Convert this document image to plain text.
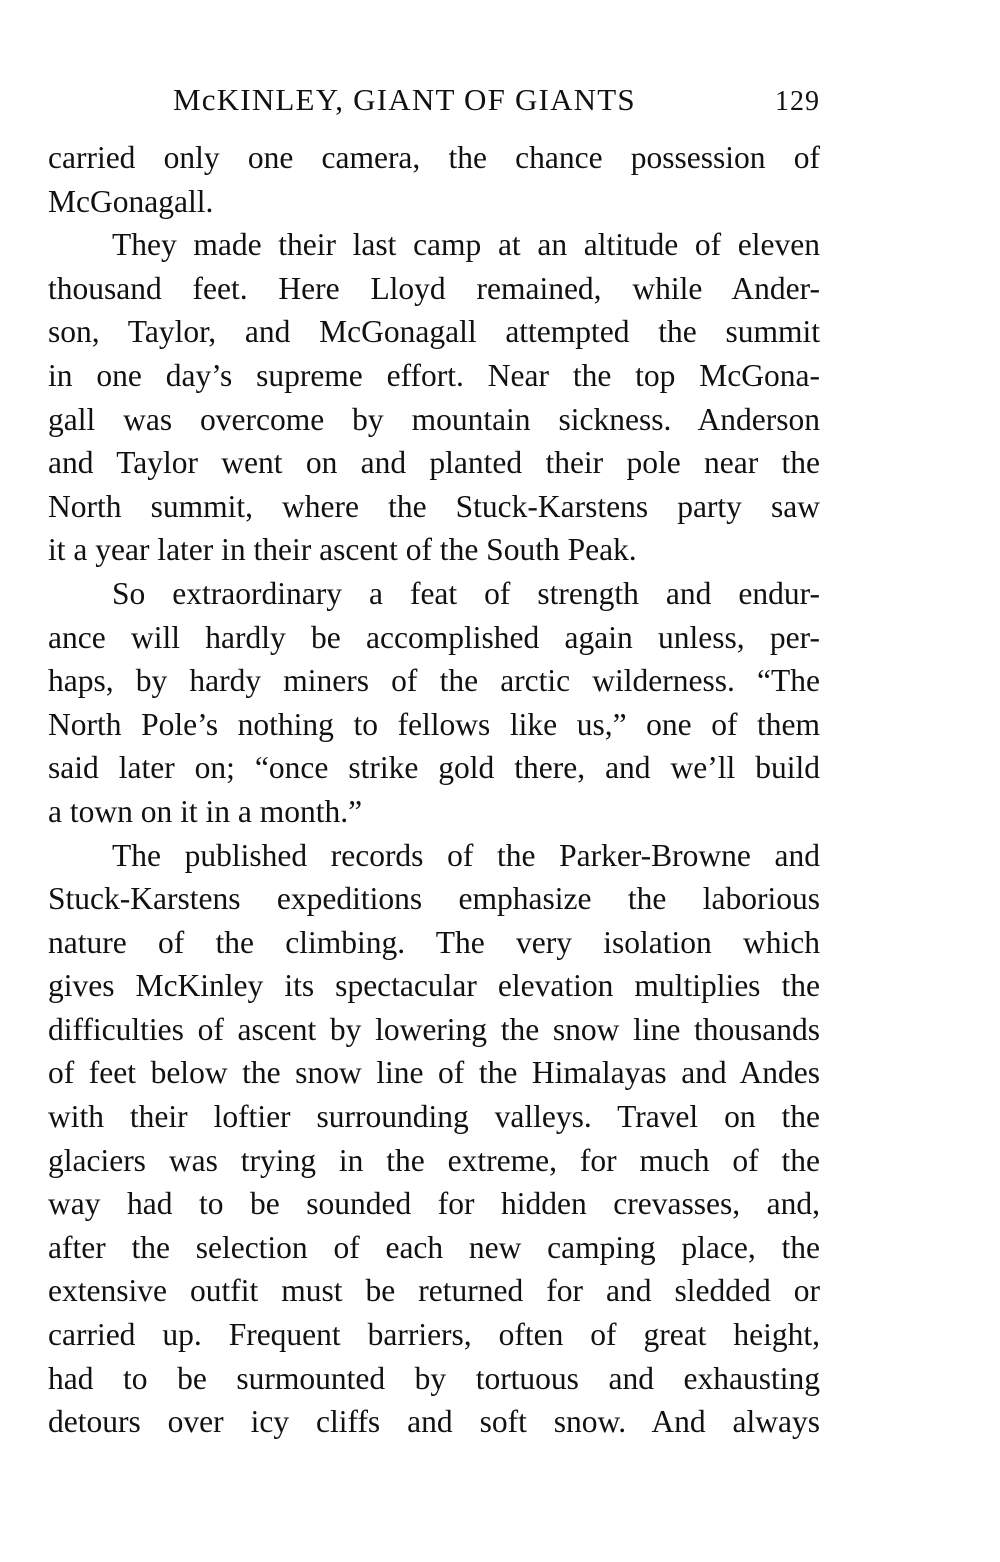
McKINLEY, GIANT OF GIANTS	129
carried only one camera, the chance possession of
McGonagall.
They made their last camp at an altitude of eleven
thousand feet. Here Lloyd remained, while Ander-
son, Taylor, and McGonagall attempted the summit
in one day’s supreme effort. Near the top McGona-
gall was overcome by mountain sickness. Anderson
and Taylor went on and planted their pole near the
North summit, where the Stuck-Karstens party saw
it a year later in their ascent of the South Peak.
So extraordinary a feat of strength and endur-
ance will hardly be accomplished again unless, per-
haps, by hardy miners of the arctic wilderness. “The
North Pole’s nothing to fellows like us,” one of them
said later on; “once strike gold there, and we’ll build
a town on it in a month.”
The published records of the Parker-Browne and
Stuck-Karstens expeditions emphasize the laborious
nature of the climbing. The very isolation which
gives McKinley its spectacular elevation multiplies the
difficulties of ascent by lowering the snow line thousands
of feet below the snow line of the Himalayas and Andes
with their loftier surrounding valleys. Travel on the
glaciers was trying in the extreme, for much of the
way had to be sounded for hidden crevasses, and,
after the selection of each new camping place, the
extensive outfit must be returned for and sledded or
carried up. Frequent barriers, often of great height,
had to be surmounted by tortuous and exhausting
detours over icy cliffs and soft snow. And always
